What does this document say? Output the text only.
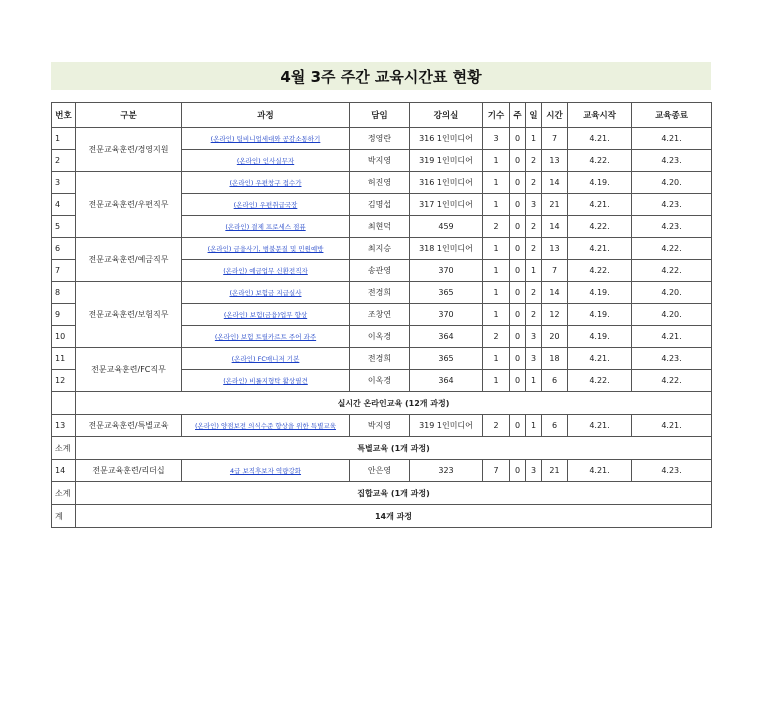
4월 3주 주간 교육시간표 현황
번호	구분	과정	담임	강의실	기수	주	일	시간	교육시작	교육종료
1	전문교육훈련/경영지원	(온라인) 팀비니업세대와 공감소통하기	정영란	316 1인미디어	3	0	1	7	4.21.	4.21.
2		(온라인) 인사실무자	박지영	319 1인미디어	1	0	2	13	4.22.	4.23.
3	전문교육훈련/우편직무	(온라인) 우편창구 접수가	허진영	316 1인미디어	1	0	2	14	4.19.	4.20.
4		(온라인) 우편취급국장	김명섭	317 1인미디어	1	0	3	21	4.21.	4.23.
5		(온라인) 결제 프로세스 점퓨	최현덕	459	2	0	2	14	4.22.	4.23.
6	전문교육훈련/예금직무	(온라인) 금융사기, 범불문질 및 민원예방	최지승	318 1인미디어	1	0	2	13	4.21.	4.22.
7		(온라인) 예금업무 신환전직자	송관영	370	1	0	1	7	4.22.	4.22.
8	전문교육훈련/보험직무	(온라인) 보험금 지급실사	전경희	365	1	0	2	14	4.19.	4.20.
9		(온라인) 보험(금융)업무 향상	조창연	370	1	0	2	12	4.19.	4.20.
10		(온라인) 보험 트릴카르트 주어 과주	이옥경	364	2	0	3	20	4.19.	4.21.
11	전문교육훈련/FC직무	(온라인) FC매니저 기본	전경희	365	1	0	3	18	4.21.	4.23.
12		(온라인) 비롤지형탁 활상필견	이옥경	364	1	0	1	6	4.22.	4.22.
	실시간 온라인교육 (12개 과정)									
13	전문교육훈련/특별교육	(온라인) 양점보전 의식수준 향상을 위한 특별교육	박지영	319 1인미디어	2	0	1	6	4.21.	4.21.
소계	특별교육 (1개 과정)									
14	전문교육훈련/리더십	4급 보직후보자 역량강화	안은영	323	7	0	3	21	4.21.	4.23.
소계	집합교육 (1개 과정)									
계	14개 과정									
